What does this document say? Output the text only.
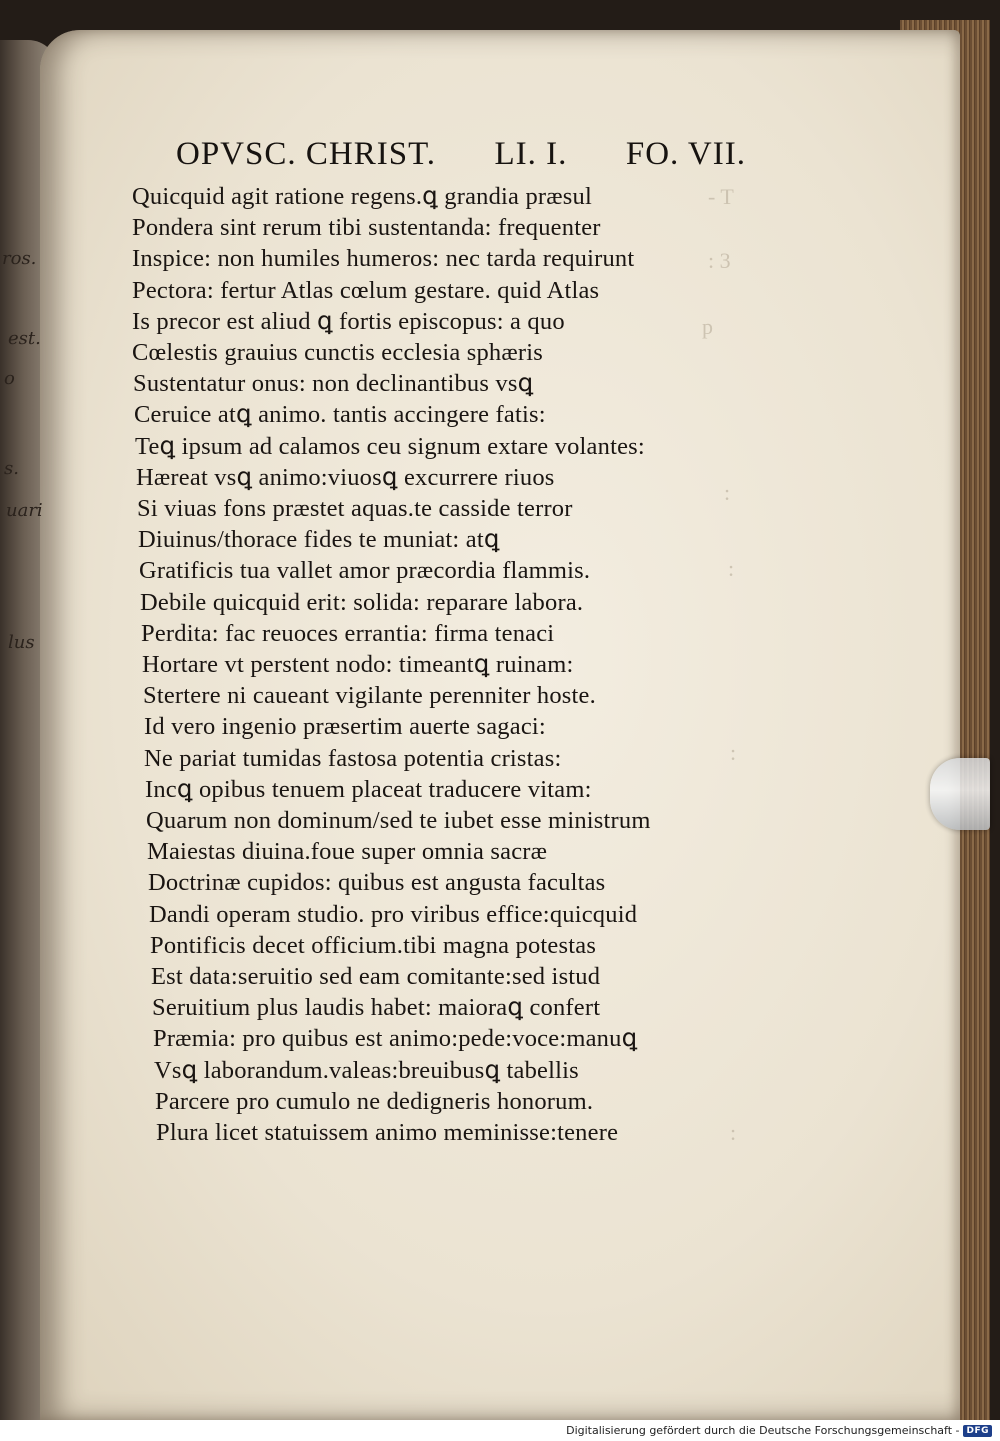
ros.
est.
o
s.
uari
lus
- T
: 3
p
:
:
:
:
OPVSC. CHRIST. LI. I. FO. VII.
Quicquid agit ratione regens.ꝗ grandia præsul
Pondera sint rerum tibi sustentanda: frequenter
Inspice: non humiles humeros: nec tarda requirunt
Pectora: fertur Atlas cœlum gestare. quid Atlas
Is precor est aliud ꝗ fortis episcopus: a quo
Cœlestis grauius cunctis ecclesia sphæris
Sustentatur onus: non declinantibus vsꝗ
Ceruice atꝗ animo. tantis accingere fatis:
Teꝗ ipsum ad calamos ceu signum extare volantes:
Hæreat vsꝗ animo:viuosꝗ excurrere riuos
Si viuas fons præstet aquas.te casside terror
Diuinus/thorace fides te muniat: atꝗ
Gratificis tua vallet amor præcordia flammis.
Debile quicquid erit: solida: reparare labora.
Perdita: fac reuoces errantia: firma tenaci
Hortare vt perstent nodo: timeantꝗ ruinam:
Stertere ni caueant vigilante perenniter hoste.
Id vero ingenio præsertim auerte sagaci:
Ne pariat tumidas fastosa potentia cristas:
Incꝗ opibus tenuem placeat traducere vitam:
Quarum non dominum/sed te iubet esse ministrum
Maiestas diuina.foue super omnia sacræ
Doctrinæ cupidos: quibus est angusta facultas
Dandi operam studio. pro viribus effice:quicquid
Pontificis decet officium.tibi magna potestas
Est data:seruitio sed eam comitante:sed istud
Seruitium plus laudis habet: maioraꝗ confert
Præmia: pro quibus est animo:pede:voce:manuꝗ
Vsꝗ laborandum.valeas:breuibusꝗ tabellis
Parcere pro cumulo ne dedigneris honorum.
Plura licet statuissem animo meminisse:tenere
Digitalisierung gefördert durch die Deutsche Forschungsgemeinschaft - DFG
